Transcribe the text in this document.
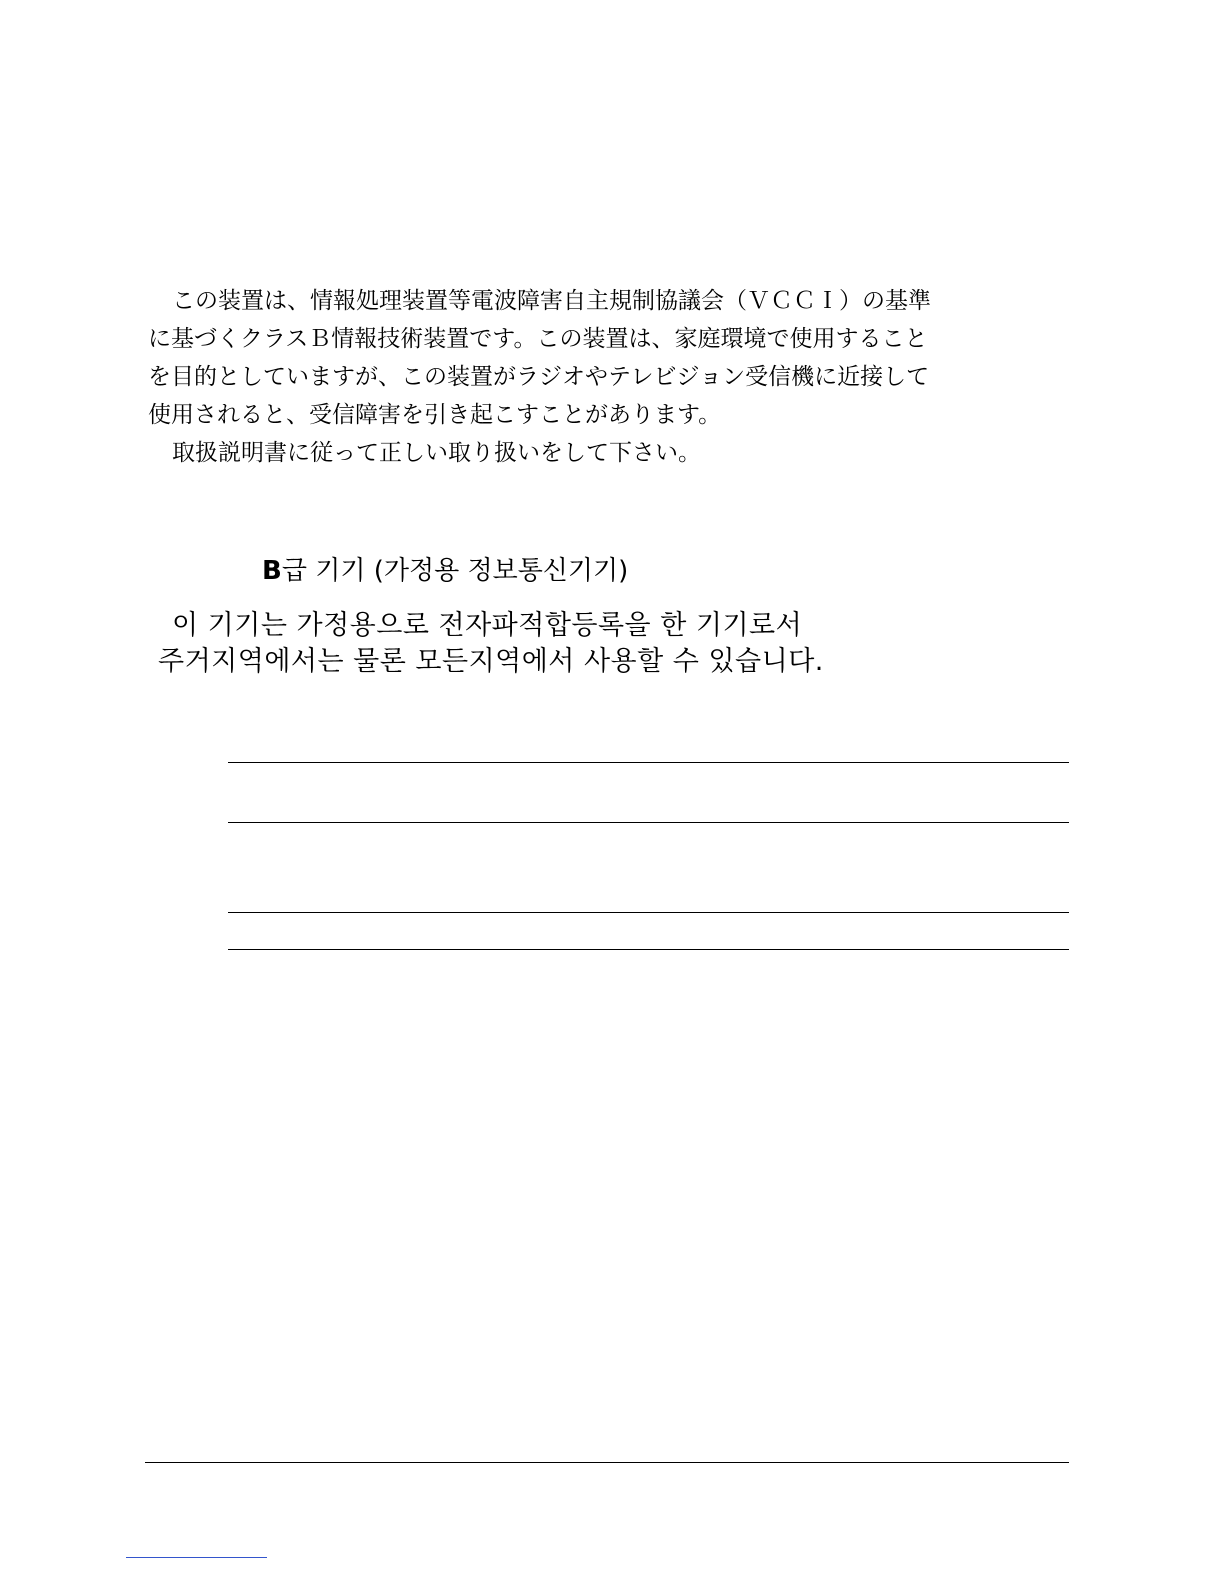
この装置は、情報処理装置等電波障害自主規制協議会（ＶＣＣＩ）の基準
に基づくクラスＢ情報技術装置です。この装置は、家庭環境で使用すること
を目的としていますが、この装置がラジオやテレビジョン受信機に近接して
使用されると、受信障害を引き起こすことがあります。
取扱説明書に従って正しい取り扱いをして下さい。
B급 기기 (가정용 정보통신기기)
이 기기는 가정용으로 전자파적합등록을 한 기기로서
주거지역에서는 물론 모든지역에서 사용할 수 있습니다.
